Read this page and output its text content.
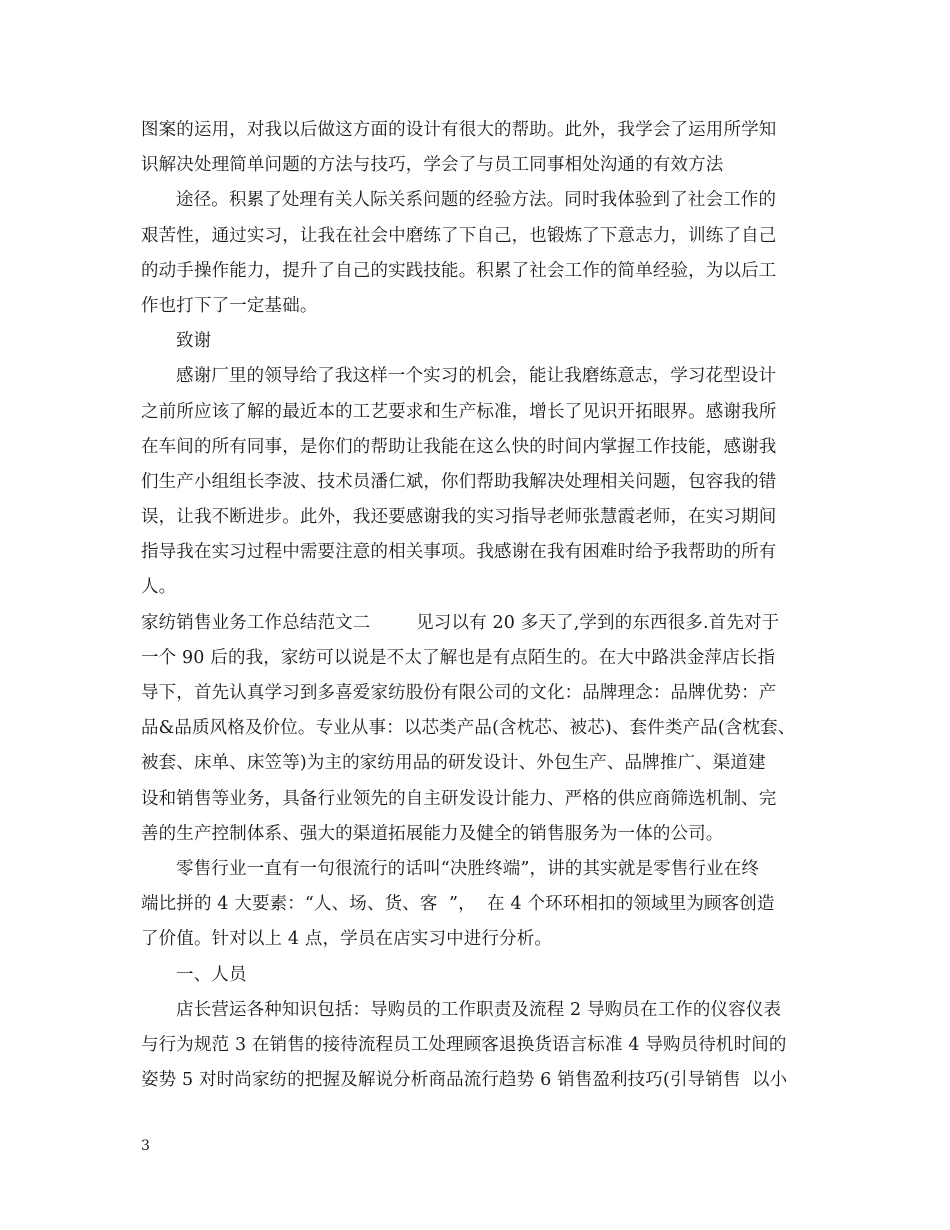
图案的运用，对我以后做这方面的设计有很大的帮助。此外，我学会了运用所学知
识解决处理简单问题的方法与技巧，学会了与员工同事相处沟通的有效方法
途径。积累了处理有关人际关系问题的经验方法。同时我体验到了社会工作的
艰苦性，通过实习，让我在社会中磨练了下自己，也锻炼了下意志力，训练了自己
的动手操作能力，提升了自己的实践技能。积累了社会工作的简单经验，为以后工
作也打下了一定基础。
致谢
感谢厂里的领导给了我这样一个实习的机会，能让我磨练意志，学习花型设计
之前所应该了解的最近本的工艺要求和生产标准，增长了见识开拓眼界。感谢我所
在车间的所有同事，是你们的帮助让我能在这么快的时间内掌握工作技能，感谢我
们生产小组组长李波、技术员潘仁斌，你们帮助我解决处理相关问题，包容我的错
误，让我不断进步。此外，我还要感谢我的实习指导老师张慧霞老师，在实习期间
指导我在实习过程中需要注意的相关事项。我感谢在我有困难时给予我帮助的所有
人。
家纺销售业务工作总结范文二        见习以有 20 多天了,学到的东西很多.首先对于
一个 90 后的我，家纺可以说是不太了解也是有点陌生的。在大中路洪金萍店长指
导下，首先认真学习到多喜爱家纺股份有限公司的文化：品牌理念：品牌优势：产
品&品质风格及价位。专业从事：以芯类产品(含枕芯、被芯)、套件类产品(含枕套、
被套、床单、床笠等)为主的家纺用品的研发设计、外包生产、品牌推广、渠道建
设和销售等业务，具备行业领先的自主研发设计能力、严格的供应商筛选机制、完
善的生产控制体系、强大的渠道拓展能力及健全的销售服务为一体的公司。
零售行业一直有一句很流行的话叫“决胜终端”，讲的其实就是零售行业在终
端比拼的 4 大要素：“人、场、货、客  ”，  在 4 个环环相扣的领域里为顾客创造
了价值。针对以上 4 点，学员在店实习中进行分析。
一、人员
店长营运各种知识包括：导购员的工作职责及流程 2 导购员在工作的仪容仪表
与行为规范 3 在销售的接待流程员工处理顾客退换货语言标准 4 导购员待机时间的
姿势 5 对时尚家纺的把握及解说分析商品流行趋势 6 销售盈利技巧(引导销售  以小
3
